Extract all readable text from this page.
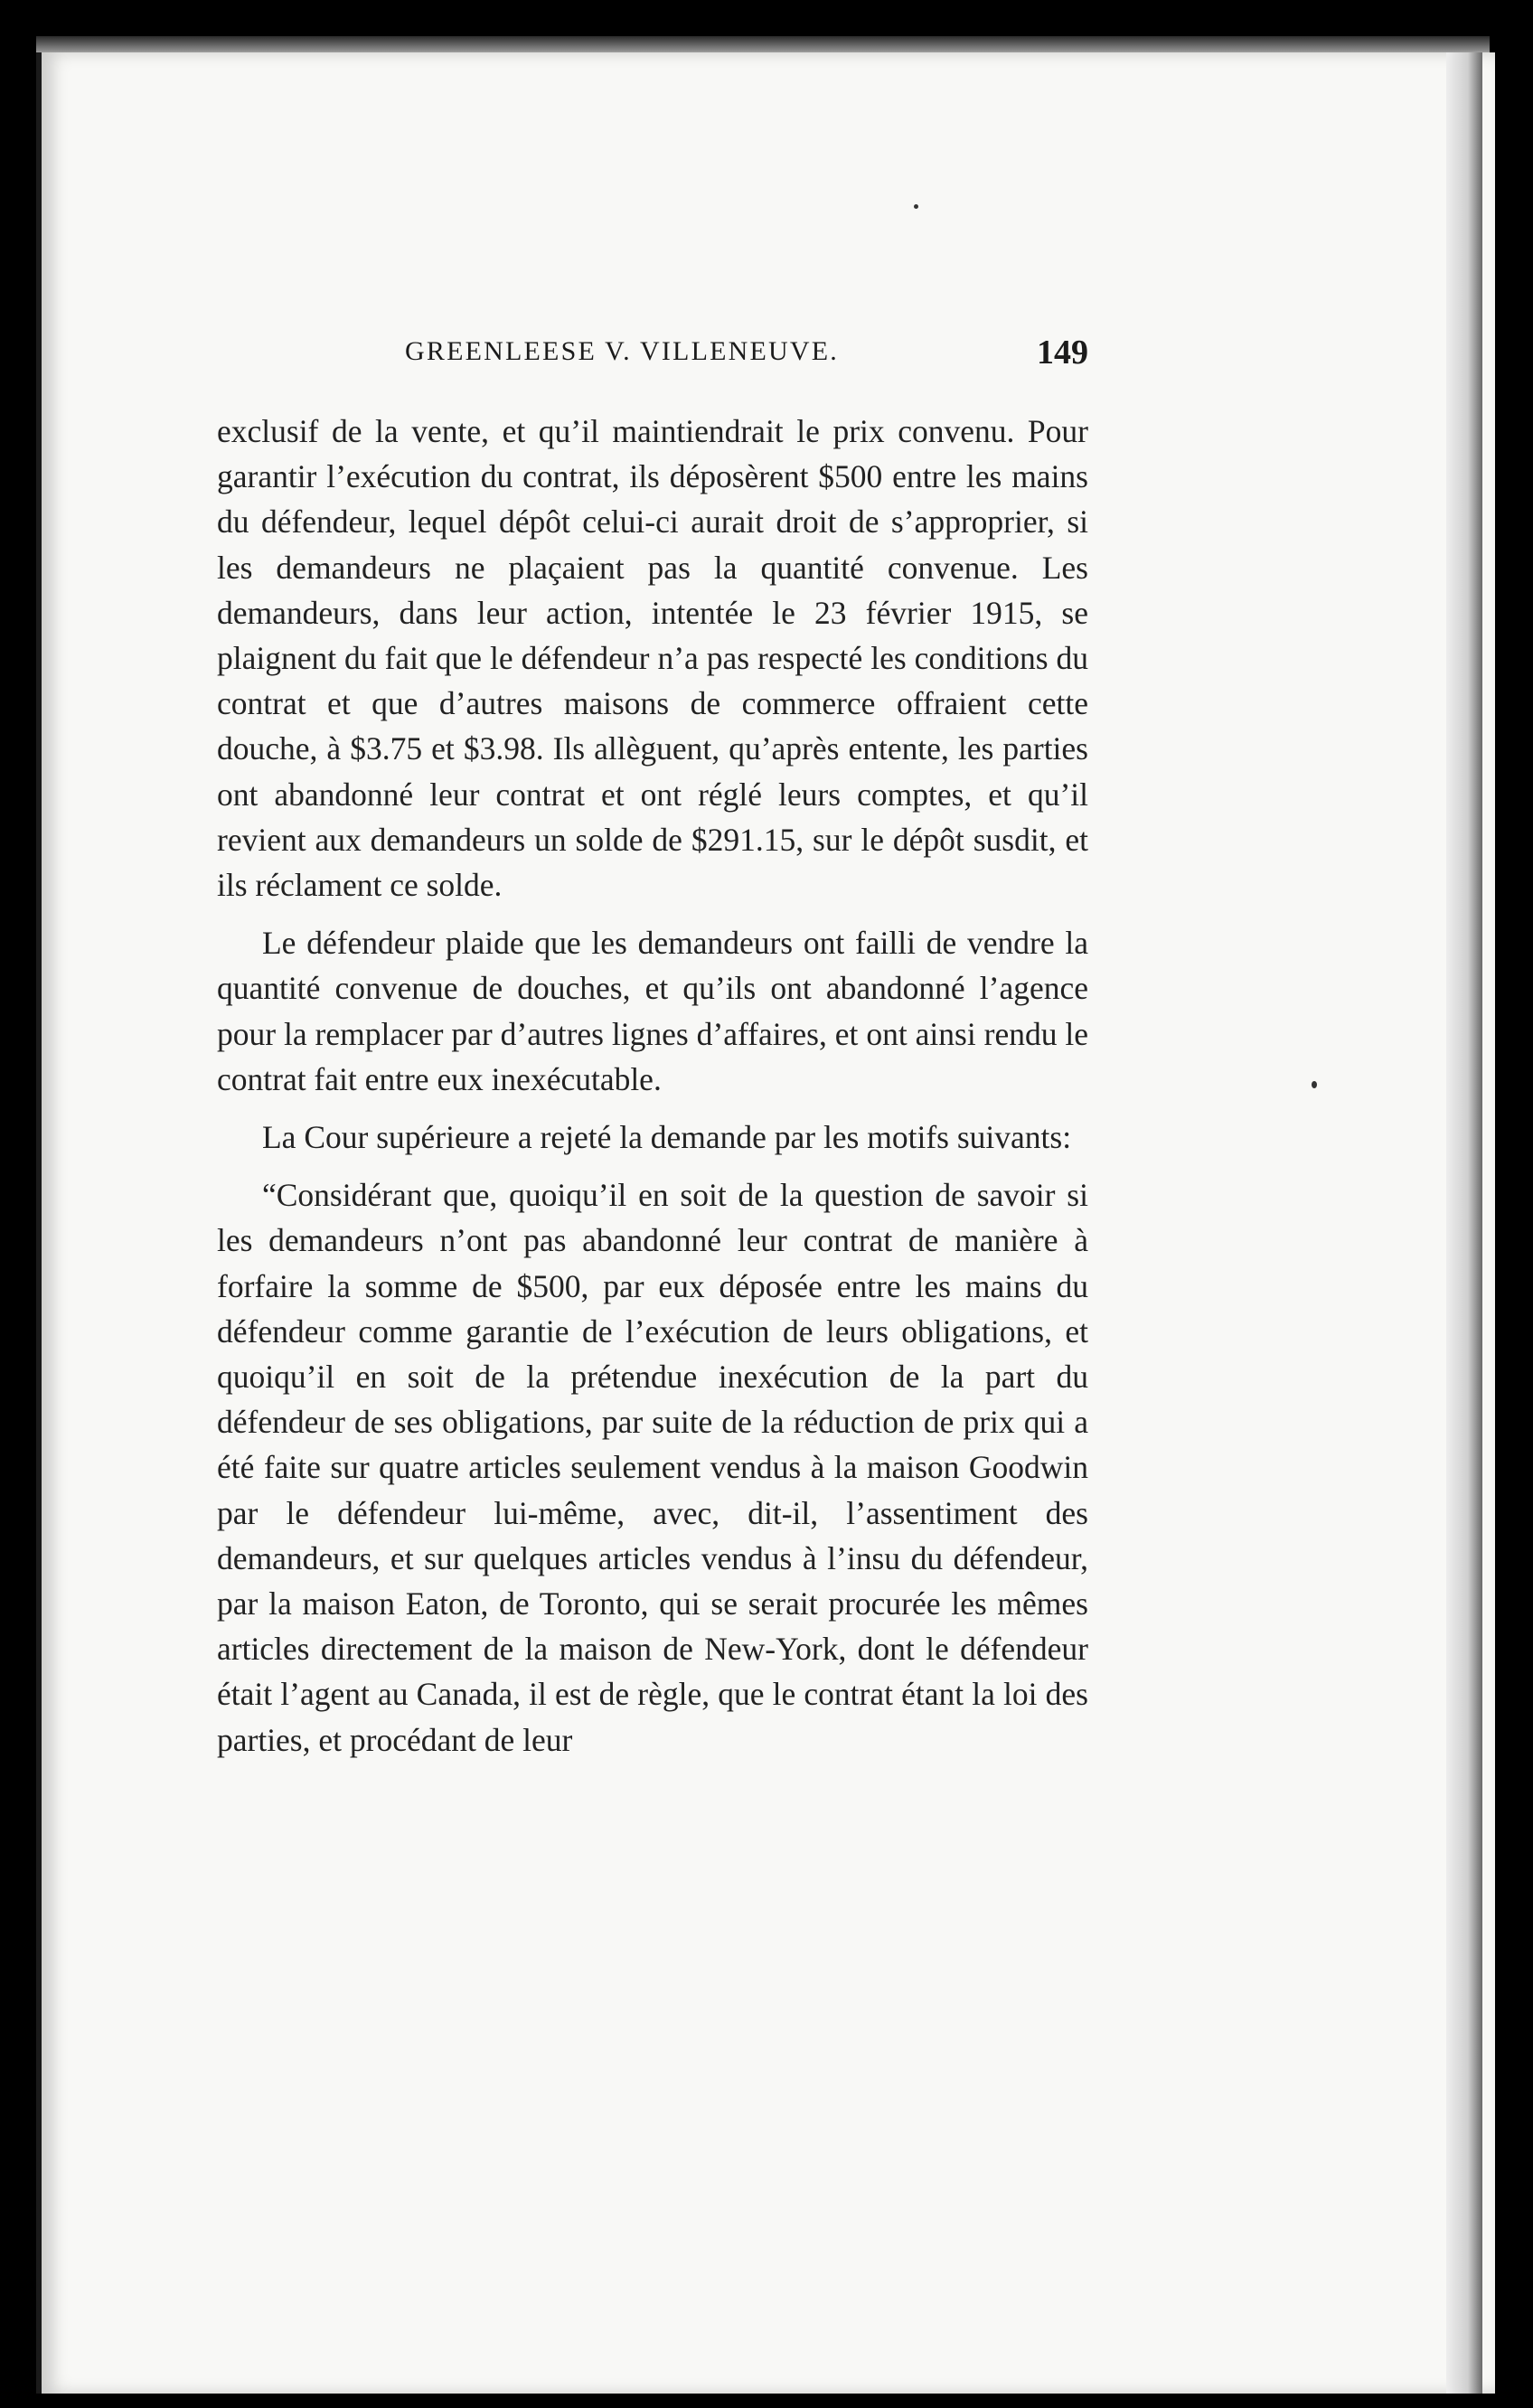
GREENLEESE V. VILLENEUVE.	149

exclusif de la vente, et qu’il maintiendrait le prix convenu. Pour garantir l’exécution du contrat, ils déposèrent $500 entre les mains du défendeur, lequel dépôt celui-ci aurait droit de s’approprier, si les demandeurs ne plaçaient pas la quantité convenue. Les demandeurs, dans leur action, intentée le 23 février 1915, se plaignent du fait que le défendeur n’a pas respecté les conditions du contrat et que d’autres maisons de commerce offraient cette douche, à $3.75 et $3.98. Ils allèguent, qu’après entente, les parties ont abandonné leur contrat et ont réglé leurs comptes, et qu’il revient aux demandeurs un solde de $291.15, sur le dépôt susdit, et ils réclament ce solde.

Le défendeur plaide que les demandeurs ont failli de vendre la quantité convenue de douches, et qu’ils ont abandonné l’agence pour la remplacer par d’autres lignes d’affaires, et ont ainsi rendu le contrat fait entre eux inexécutable.

La Cour supérieure a rejeté la demande par les motifs suivants:

“Considérant que, quoiqu’il en soit de la question de savoir si les demandeurs n’ont pas abandonné leur contrat de manière à forfaire la somme de $500, par eux déposée entre les mains du défendeur comme garantie de l’exécution de leurs obligations, et quoiqu’il en soit de la prétendue inexécution de la part du défendeur de ses obligations, par suite de la réduction de prix qui a été faite sur quatre articles seulement vendus à la maison Goodwin par le défendeur lui-même, avec, dit-il, l’assentiment des demandeurs, et sur quelques articles vendus à l’insu du défendeur, par la maison Eaton, de Toronto, qui se serait procurée les mêmes articles directement de la maison de New-York, dont le défendeur était l’agent au Canada, il est de règle, que le contrat étant la loi des parties, et procédant de leur
